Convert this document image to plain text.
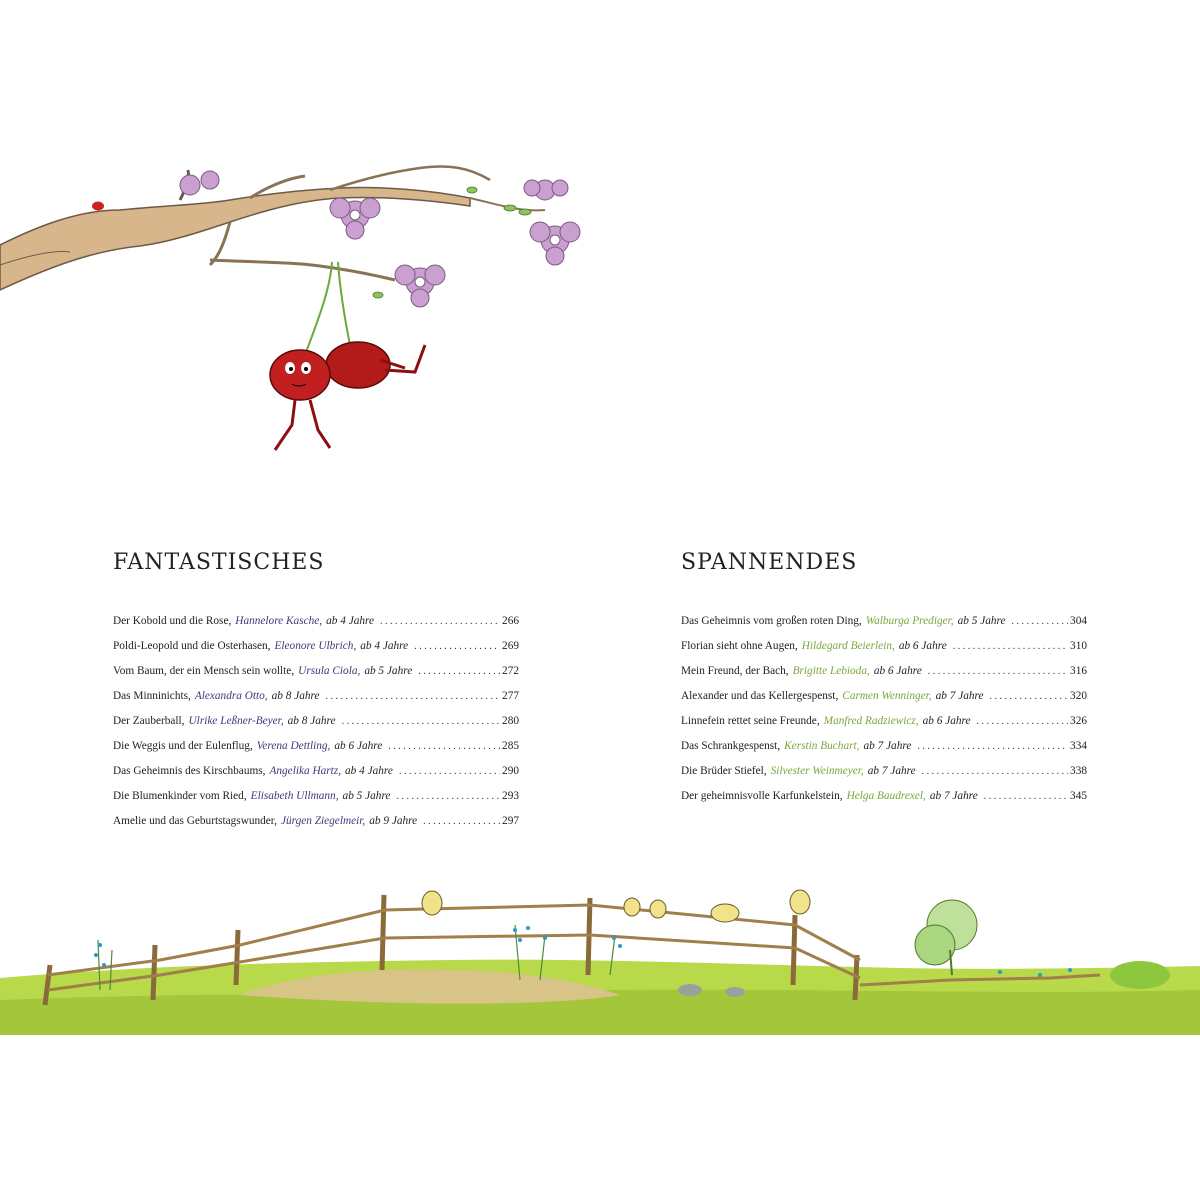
FANTASTISCHES
Der Kobold und die Rose, Hannelore Kasche, ab 4 Jahre . . .	266
Poldi-Leopold und die Osterhasen, Eleonore Ulbrich, ab 4 Jahre . . .	269
Vom Baum, der ein Mensch sein wollte, Ursula Ciola, ab 5 Jahre . . .	272
Das Minninichts, Alexandra Otto, ab 8 Jahre . . .	277
Der Zauberball, Ulrike Leßner-Beyer, ab 8 Jahre . . .	280
Die Weggis und der Eulenflug, Verena Dettling, ab 6 Jahre . . .	285
Das Geheimnis des Kirschbaums, Angelika Hartz, ab 4 Jahre . . .	290
Die Blumenkinder vom Ried, Elisabeth Ullmann, ab 5 Jahre . . .	293
Amelie und das Geburtstagswunder, Jürgen Ziegelmeir, ab 9 Jahre . . .	297
SPANNENDES
Das Geheimnis vom großen roten Ding, Walburga Prediger, ab 5 Jahre . . .	304
Florian sieht ohne Augen, Hildegard Beierlein, ab 6 Jahre . . .	310
Mein Freund, der Bach, Brigitte Lebioda, ab 6 Jahre . . .	316
Alexander und das Kellergespenst, Carmen Wenninger, ab 7 Jahre . . .	320
Linnefein rettet seine Freunde, Manfred Radziewicz, ab 6 Jahre . . .	326
Das Schrankgespenst, Kerstin Buchart, ab 7 Jahre . . .	334
Die Brüder Stiefel, Silvester Weinmeyer, ab 7 Jahre . . .	338
Der geheimnisvolle Karfunkelstein, Helga Baudrexel, ab 7 Jahre . . .	345
